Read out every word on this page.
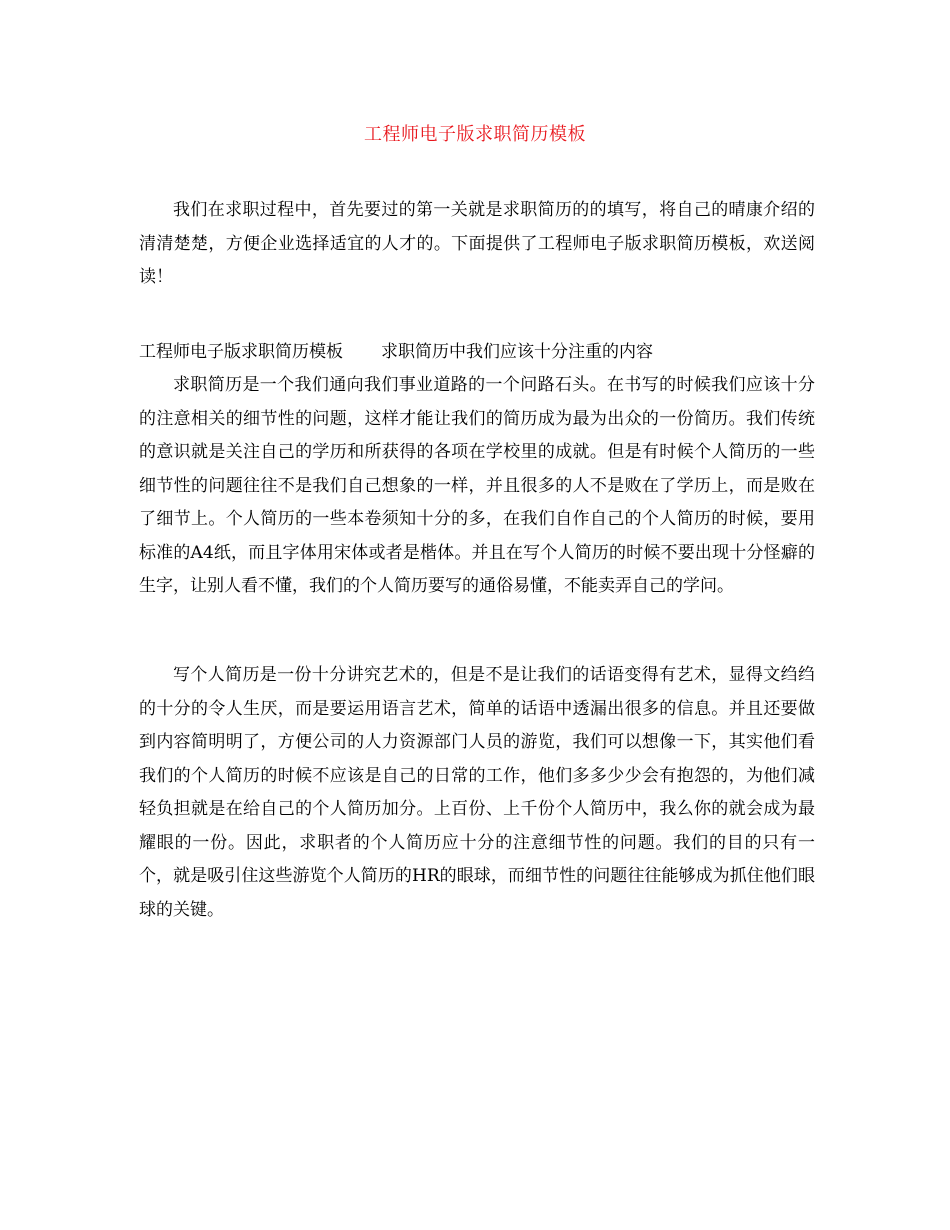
工程师电子版求职简历模板

我们在求职过程中，首先要过的第一关就是求职简历的的填写，将自己的晴康介绍的清清楚楚，方便企业选择适宜的人才的。下面提供了工程师电子版求职简历模板，欢送阅读！

工程师电子版求职简历模板 求职简历中我们应该十分注重的内容

求职简历是一个我们通向我们事业道路的一个问路石头。在书写的时候我们应该十分的注意相关的细节性的问题，这样才能让我们的简历成为最为出众的一份简历。我们传统的意识就是关注自己的学历和所获得的各项在学校里的成就。但是有时候个人简历的一些细节性的问题往往不是我们自己想象的一样，并且很多的人不是败在了学历上，而是败在了细节上。个人简历的一些本卷须知十分的多，在我们自作自己的个人简历的时候，要用标准的A4纸，而且字体用宋体或者是楷体。并且在写个人简历的时候不要出现十分怪癖的生字，让别人看不懂，我们的个人简历要写的通俗易懂，不能卖弄自己的学问。

写个人简历是一份十分讲究艺术的，但是不是让我们的话语变得有艺术，显得文绉绉的十分的令人生厌，而是要运用语言艺术，简单的话语中透漏出很多的信息。并且还要做到内容简明明了，方便公司的人力资源部门人员的游览，我们可以想像一下，其实他们看我们的个人简历的时候不应该是自己的日常的工作，他们多多少少会有抱怨的，为他们减轻负担就是在给自己的个人简历加分。上百份、上千份个人简历中，我么你的就会成为最耀眼的一份。因此，求职者的个人简历应十分的注意细节性的问题。我们的目的只有一个，就是吸引住这些游览个人简历的HR的眼球，而细节性的问题往往能够成为抓住他们眼球的关键。
